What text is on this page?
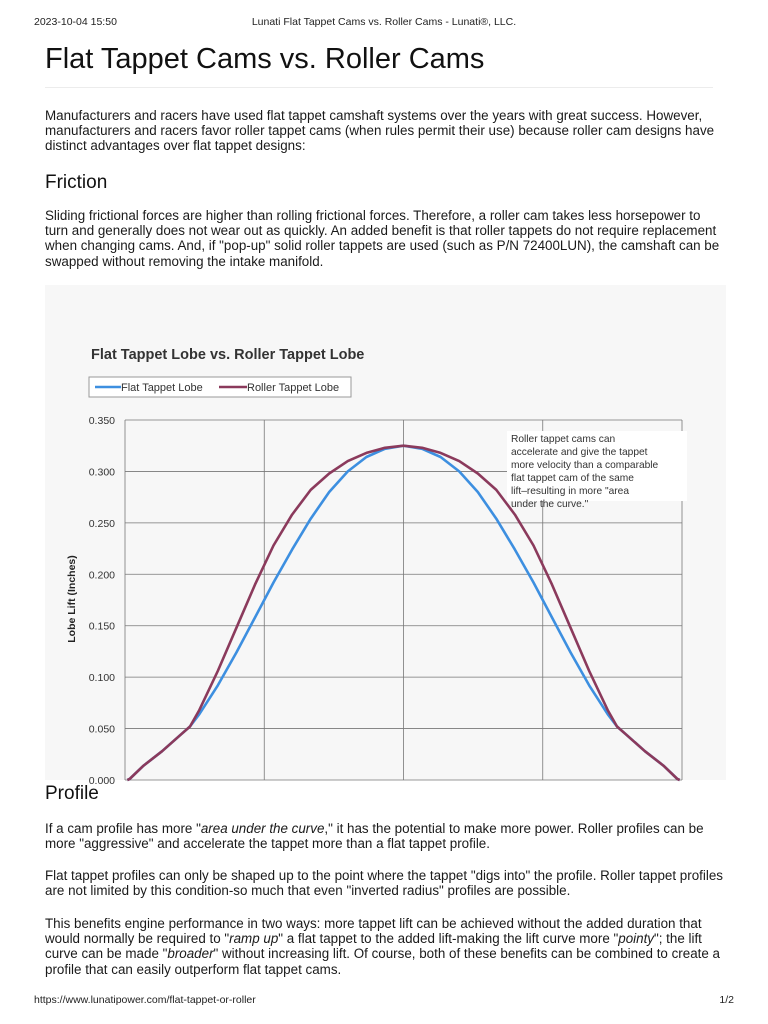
2023-10-04 15:50	Lunati Flat Tappet Cams vs. Roller Cams - Lunati®, LLC.
Flat Tappet Cams vs. Roller Cams

Manufacturers and racers have used flat tappet camshaft systems over the years with great success. However, manufacturers and racers favor roller tappet cams (when rules permit their use) because roller cam designs have distinct advantages over flat tappet designs:

Friction

Sliding frictional forces are higher than rolling frictional forces. Therefore, a roller cam takes less horsepower to turn and generally does not wear out as quickly. An added benefit is that roller tappets do not require replacement when changing cams. And, if "pop-up" solid roller tappets are used (such as P/N 72400LUN), the camshaft can be swapped without removing the intake manifold.

Flat Tappet Lobe vs. Roller Tappet Lobe
Flat Tappet Lobe	Roller Tappet Lobe
0.350
0.300
0.250
0.200
0.150
0.100
0.050
0.000
Lobe Lift (Inches)
Roller tappet cams can accelerate and give the tappet more velocity than a comparable flat tappet cam of the same lift–resulting in more "area under the curve."
Profile

If a cam profile has more "area under the curve," it has the potential to make more power. Roller profiles can be more "aggressive" and accelerate the tappet more than a flat tappet profile.

Flat tappet profiles can only be shaped up to the point where the tappet "digs into" the profile. Roller tappet profiles are not limited by this condition-so much that even "inverted radius" profiles are possible.

This benefits engine performance in two ways: more tappet lift can be achieved without the added duration that would normally be required to "ramp up" a flat tappet to the added lift-making the lift curve more "pointy"; the lift curve can be made "broader" without increasing lift. Of course, both of these benefits can be combined to create a profile that can easily outperform flat tappet cams.

https://www.lunatipower.com/flat-tappet-or-roller	1/2
